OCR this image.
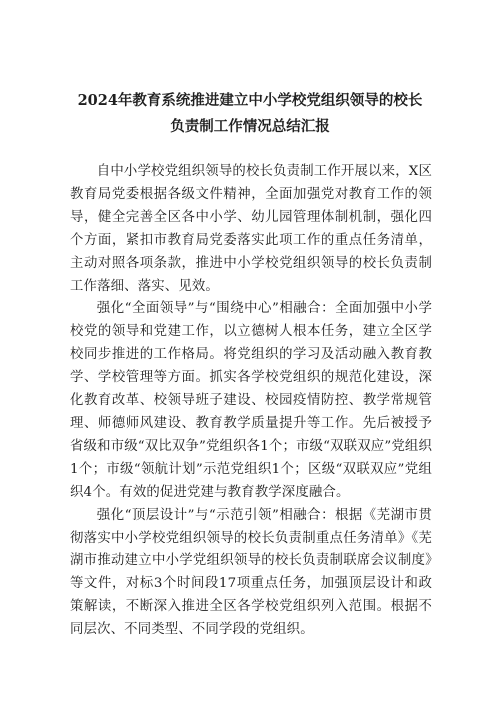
2024年教育系统推进建立中小学校党组织领导的校长
负责制工作情况总结汇报

自中小学校党组织领导的校长负责制工作开展以来，X区教育局党委根据各级文件精神，全面加强党对教育工作的领导，健全完善全区各中小学、幼儿园管理体制机制，强化四个方面，紧扣市教育局党委落实此项工作的重点任务清单，主动对照各项条款，推进中小学校党组织领导的校长负责制工作落细、落实、见效。

强化“全面领导”与“围绕中心”相融合：全面加强中小学校党的领导和党建工作，以立德树人根本任务，建立全区学校同步推进的工作格局。将党组织的学习及活动融入教育教学、学校管理等方面。抓实各学校党组织的规范化建设，深化教育改革、校领导班子建设、校园疫情防控、教学常规管理、师德师风建设、教育教学质量提升等工作。先后被授予省级和市级“双比双争”党组织各1个；市级“双联双应”党组织1个；市级“领航计划”示范党组织1个；区级“双联双应”党组织4个。有效的促进党建与教育教学深度融合。

强化“顶层设计”与“示范引领”相融合：根据《芜湖市贯彻落实中小学校党组织领导的校长负责制重点任务清单》《芜湖市推动建立中小学党组织领导的校长负责制联席会议制度》等文件，对标3个时间段17项重点任务，加强顶层设计和政策解读，不断深入推进全区各学校党组织列入范围。根据不同层次、不同类型、不同学段的党组织。
